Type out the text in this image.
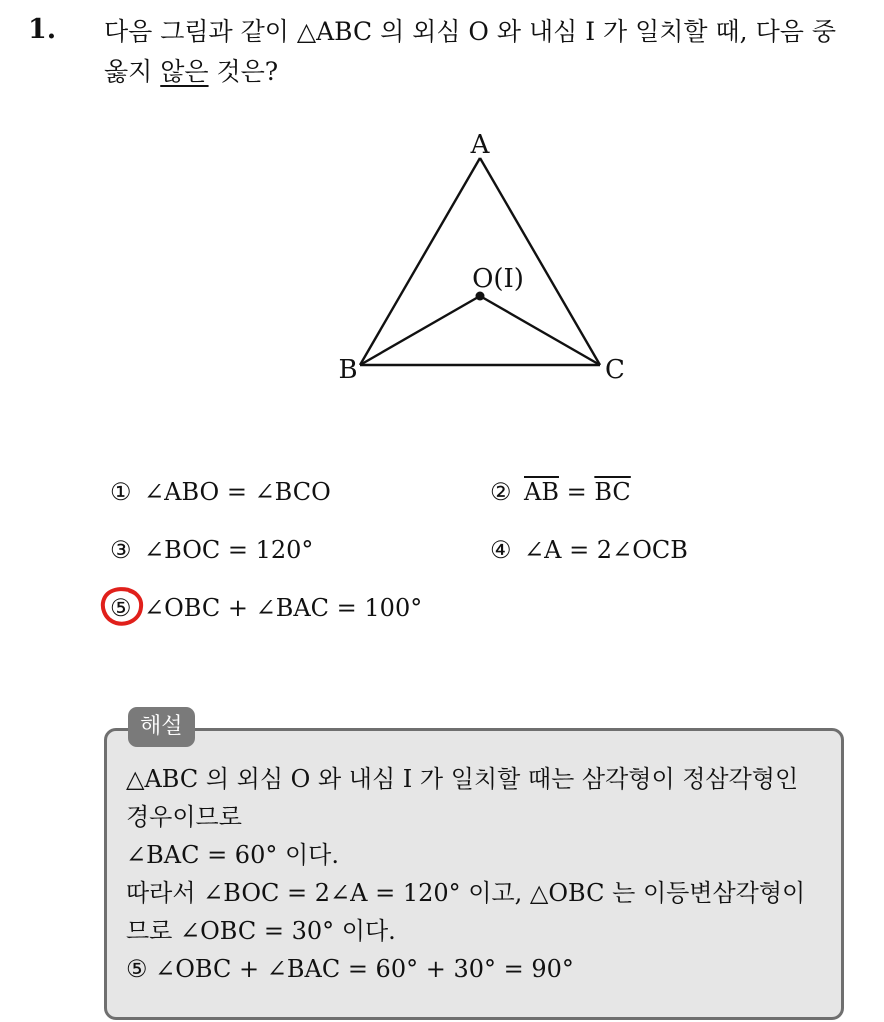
1. 다음 그림과 같이 △ABC 의 외심 O 와 내심 I 가 일치할 때, 다음 중
옳지 않은 것은?
A
B	C
O(I)
① ∠ABO = ∠BCO	② $\overline{AB} = \overline{BC}$
③ ∠BOC = 120°	④ ∠A = 2∠OCB
⑤ ∠OBC + ∠BAC = 100°
해설
△ABC 의 외심 O 와 내심 I 가 일치할 때는 삼각형이 정삼각형인
경우이므로
∠BAC = 60° 이다.
따라서 ∠BOC = 2∠A = 120° 이고, △OBC 는 이등변삼각형이
므로 ∠OBC = 30° 이다.
⑤ ∠OBC + ∠BAC = 60° + 30° = 90°
